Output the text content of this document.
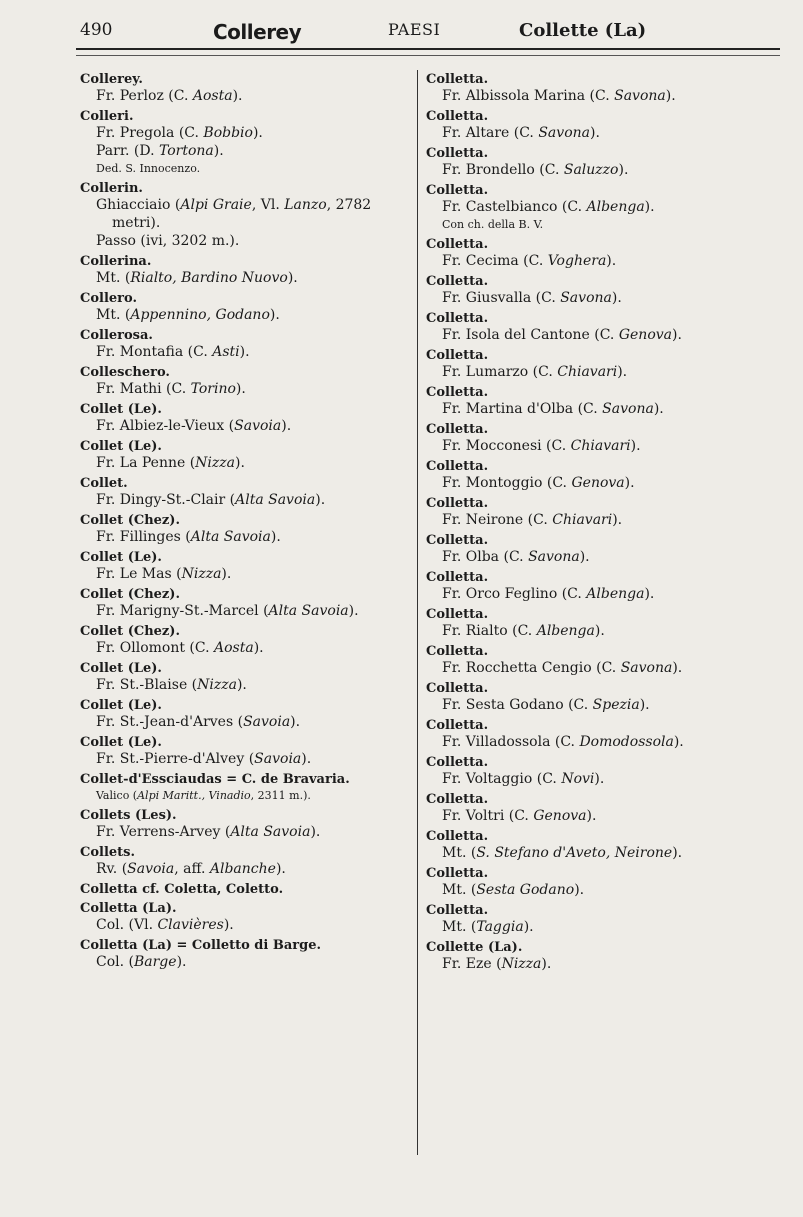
490	Collerey	PAESI	Collette (La)
Collerey.
Fr. Perloz (C. Aosta).
Colleri.
Fr. Pregola (C. Bobbio).
Parr. (D. Tortona).
Ded. S. Innocenzo.
Collerin.
Ghiacciaio (Alpi Graie, Vl. Lanzo, 2782 metri).
Passo (ivi, 3202 m.).
Collerina.
Mt. (Rialto, Bardino Nuovo).
Collero.
Mt. (Appennino, Godano).
Collerosa.
Fr. Montafia (C. Asti).
Colleschero.
Fr. Mathi (C. Torino).
Collet (Le).
Fr. Albiez-le-Vieux (Savoia).
Collet (Le).
Fr. La Penne (Nizza).
Collet.
Fr. Dingy-St.-Clair (Alta Savoia).
Collet (Chez).
Fr. Fillinges (Alta Savoia).
Collet (Le).
Fr. Le Mas (Nizza).
Collet (Chez).
Fr. Marigny-St.-Marcel (Alta Savoia).
Collet (Chez).
Fr. Ollomont (C. Aosta).
Collet (Le).
Fr. St.-Blaise (Nizza).
Collet (Le).
Fr. St.-Jean-d'Arves (Savoia).
Collet (Le).
Fr. St.-Pierre-d'Alvey (Savoia).
Collet-d'Essciaudas = C. de Bravaria.
Valico (Alpi Maritt., Vinadio, 2311 m.).
Collets (Les).
Fr. Verrens-Arvey (Alta Savoia).
Collets.
Rv. (Savoia, aff. Albanche).
Colletta cf. Coletta, Coletto.
Colletta (La).
Col. (Vl. Clavières).
Colletta (La) = Colletto di Barge.
Col. (Barge).
Colletta.
Fr. Albissola Marina (C. Savona).
Colletta.
Fr. Altare (C. Savona).
Colletta.
Fr. Brondello (C. Saluzzo).
Colletta.
Fr. Castelbianco (C. Albenga).
Con ch. della B. V.
Colletta.
Fr. Cecima (C. Voghera).
Colletta.
Fr. Giusvalla (C. Savona).
Colletta.
Fr. Isola del Cantone (C. Genova).
Colletta.
Fr. Lumarzo (C. Chiavari).
Colletta.
Fr. Martina d'Olba (C. Savona).
Colletta.
Fr. Mocconesi (C. Chiavari).
Colletta.
Fr. Montoggio (C. Genova).
Colletta.
Fr. Neirone (C. Chiavari).
Colletta.
Fr. Olba (C. Savona).
Colletta.
Fr. Orco Feglino (C. Albenga).
Colletta.
Fr. Rialto (C. Albenga).
Colletta.
Fr. Rocchetta Cengio (C. Savona).
Colletta.
Fr. Sesta Godano (C. Spezia).
Colletta.
Fr. Villadossola (C. Domodossola).
Colletta.
Fr. Voltaggio (C. Novi).
Colletta.
Fr. Voltri (C. Genova).
Colletta.
Mt. (S. Stefano d'Aveto, Neirone).
Colletta.
Mt. (Sesta Godano).
Colletta.
Mt. (Taggia).
Collette (La).
Fr. Eze (Nizza).
